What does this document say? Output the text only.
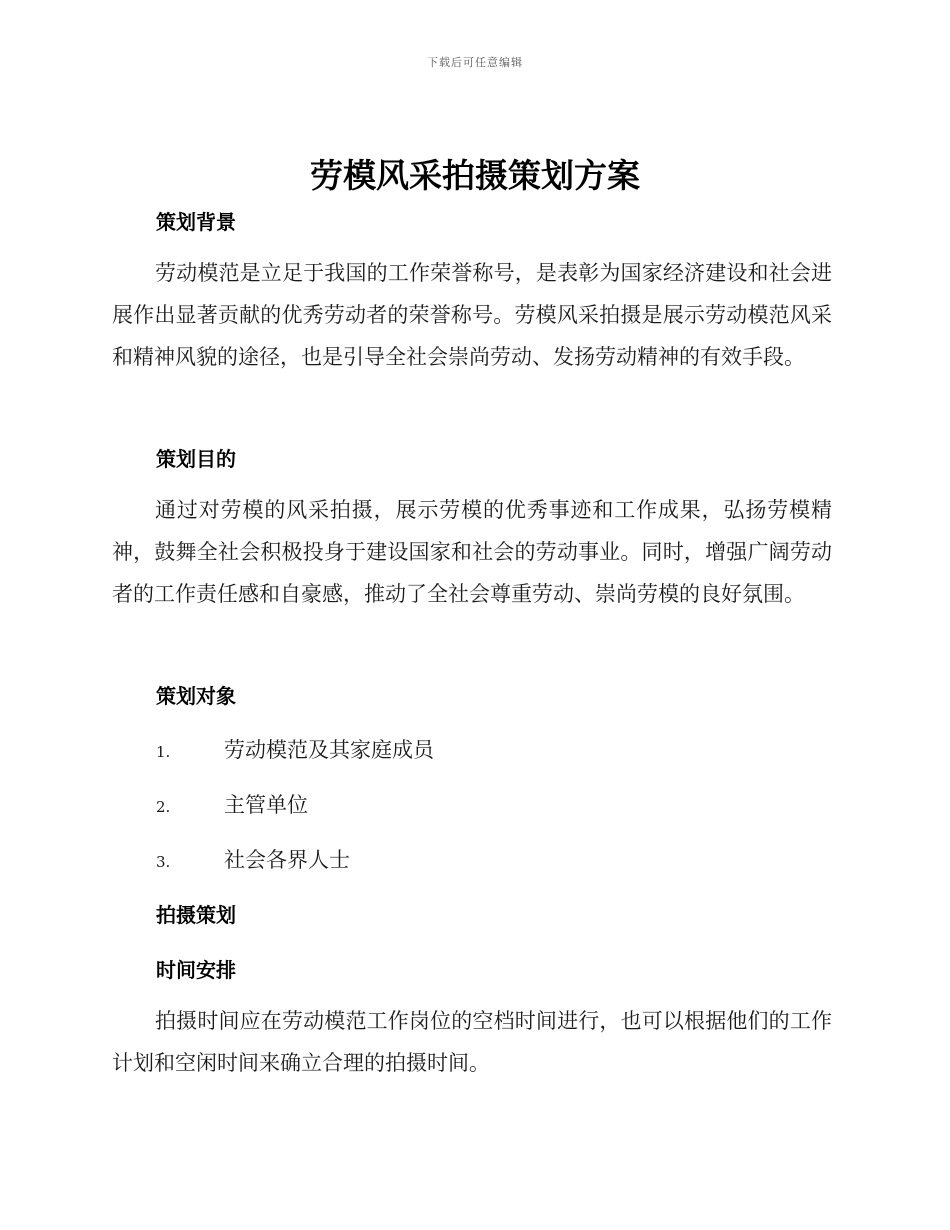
下载后可任意编辑
劳模风采拍摄策划方案
策划背景

劳动模范是立足于我国的工作荣誉称号，是表彰为国家经济建设和社会进展作出显著贡献的优秀劳动者的荣誉称号。劳模风采拍摄是展示劳动模范风采和精神风貌的途径，也是引导全社会崇尚劳动、发扬劳动精神的有效手段。

策划目的

通过对劳模的风采拍摄，展示劳模的优秀事迹和工作成果，弘扬劳模精神，鼓舞全社会积极投身于建设国家和社会的劳动事业。同时，增强广阔劳动者的工作责任感和自豪感，推动了全社会尊重劳动、崇尚劳模的良好氛围。

策划对象
1.	劳动模范及其家庭成员
2.	主管单位
3.	社会各界人士
拍摄策划
时间安排

拍摄时间应在劳动模范工作岗位的空档时间进行，也可以根据他们的工作计划和空闲时间来确立合理的拍摄时间。
